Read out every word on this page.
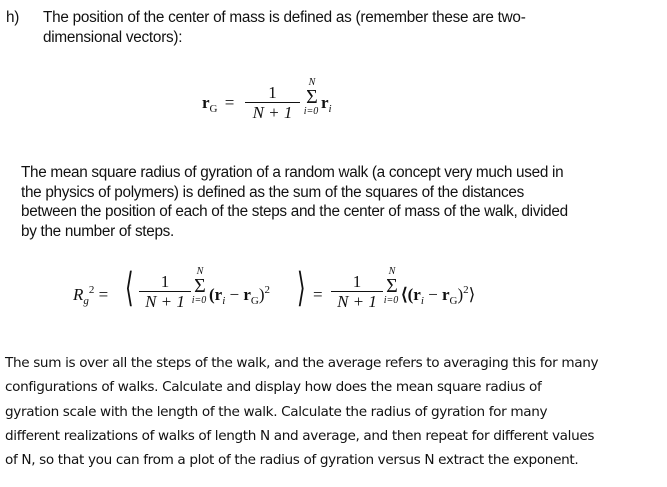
h) The position of the center of mass is defined as (remember these are two-
dimensional vectors):
$r_G$ =
1
N + 1
N
Σ
i=0 $r_i$
The mean square radius of gyration of a random walk (a concept very much used in
the physics of polymers) is defined as the sum of the squares of the distances
between the position of each of the steps and the center of mass of the walk, divided
by the number of steps.
$R_g^2$ = ⟨	1
N + 1
N
Σ
i=0 $(r_i - r_G)^2$ ⟩ =
1
N + 1
N
Σ
i=0 $⟨(r_i$ − $r_G)^2⟩$
The sum is over all the steps of the walk, and the average refers to averaging this for many
configurations of walks. Calculate and display how does the mean square radius of
gyration scale with the length of the walk. Calculate the radius of gyration for many
different realizations of walks of length N and average, and then repeat for different values
of N, so that you can from a plot of the radius of gyration versus N extract the exponent.
